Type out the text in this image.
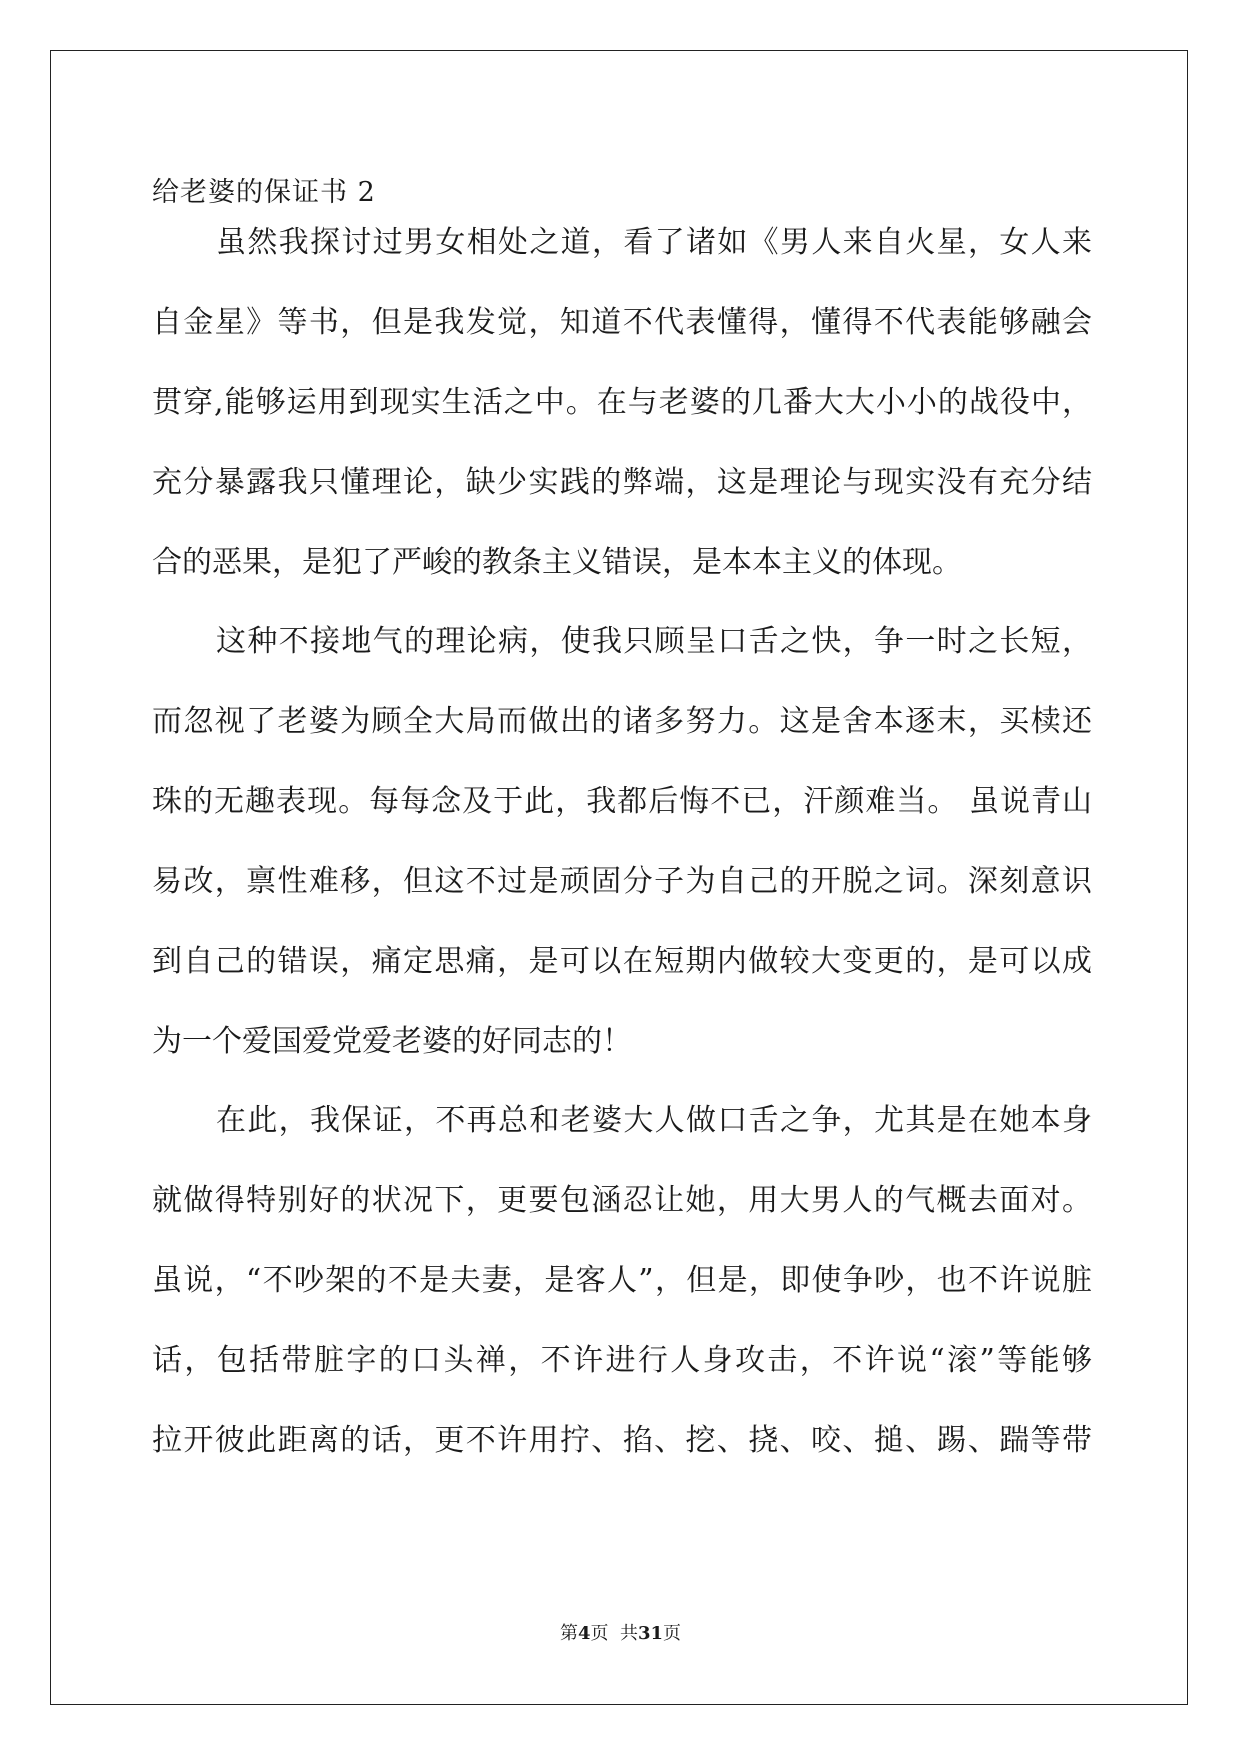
给老婆的保证书 2
虽然我探讨过男女相处之道，看了诸如《男人来自火星，女人来
自金星》等书，但是我发觉，知道不代表懂得，懂得不代表能够融会
贯穿,能够运用到现实生活之中。在与老婆的几番大大小小的战役中，
充分暴露我只懂理论，缺少实践的弊端，这是理论与现实没有充分结
合的恶果，是犯了严峻的教条主义错误，是本本主义的体现。
这种不接地气的理论病，使我只顾呈口舌之快，争一时之长短，
而忽视了老婆为顾全大局而做出的诸多努力。这是舍本逐末，买椟还
珠的无趣表现。每每念及于此，我都后悔不已，汗颜难当。 虽说青山
易改，禀性难移，但这不过是顽固分子为自己的开脱之词。深刻意识
到自己的错误，痛定思痛，是可以在短期内做较大变更的，是可以成
为一个爱国爱党爱老婆的好同志的！
在此，我保证，不再总和老婆大人做口舌之争，尤其是在她本身
就做得特别好的状况下，更要包涵忍让她，用大男人的气概去面对。
虽说，“不吵架的不是夫妻，是客人”，但是，即使争吵，也不许说脏
话，包括带脏字的口头禅，不许进行人身攻击，不许说“滚”等能够
拉开彼此距离的话，更不许用拧、掐、挖、挠、咬、搥、踢、踹等带
第4页  共31页
